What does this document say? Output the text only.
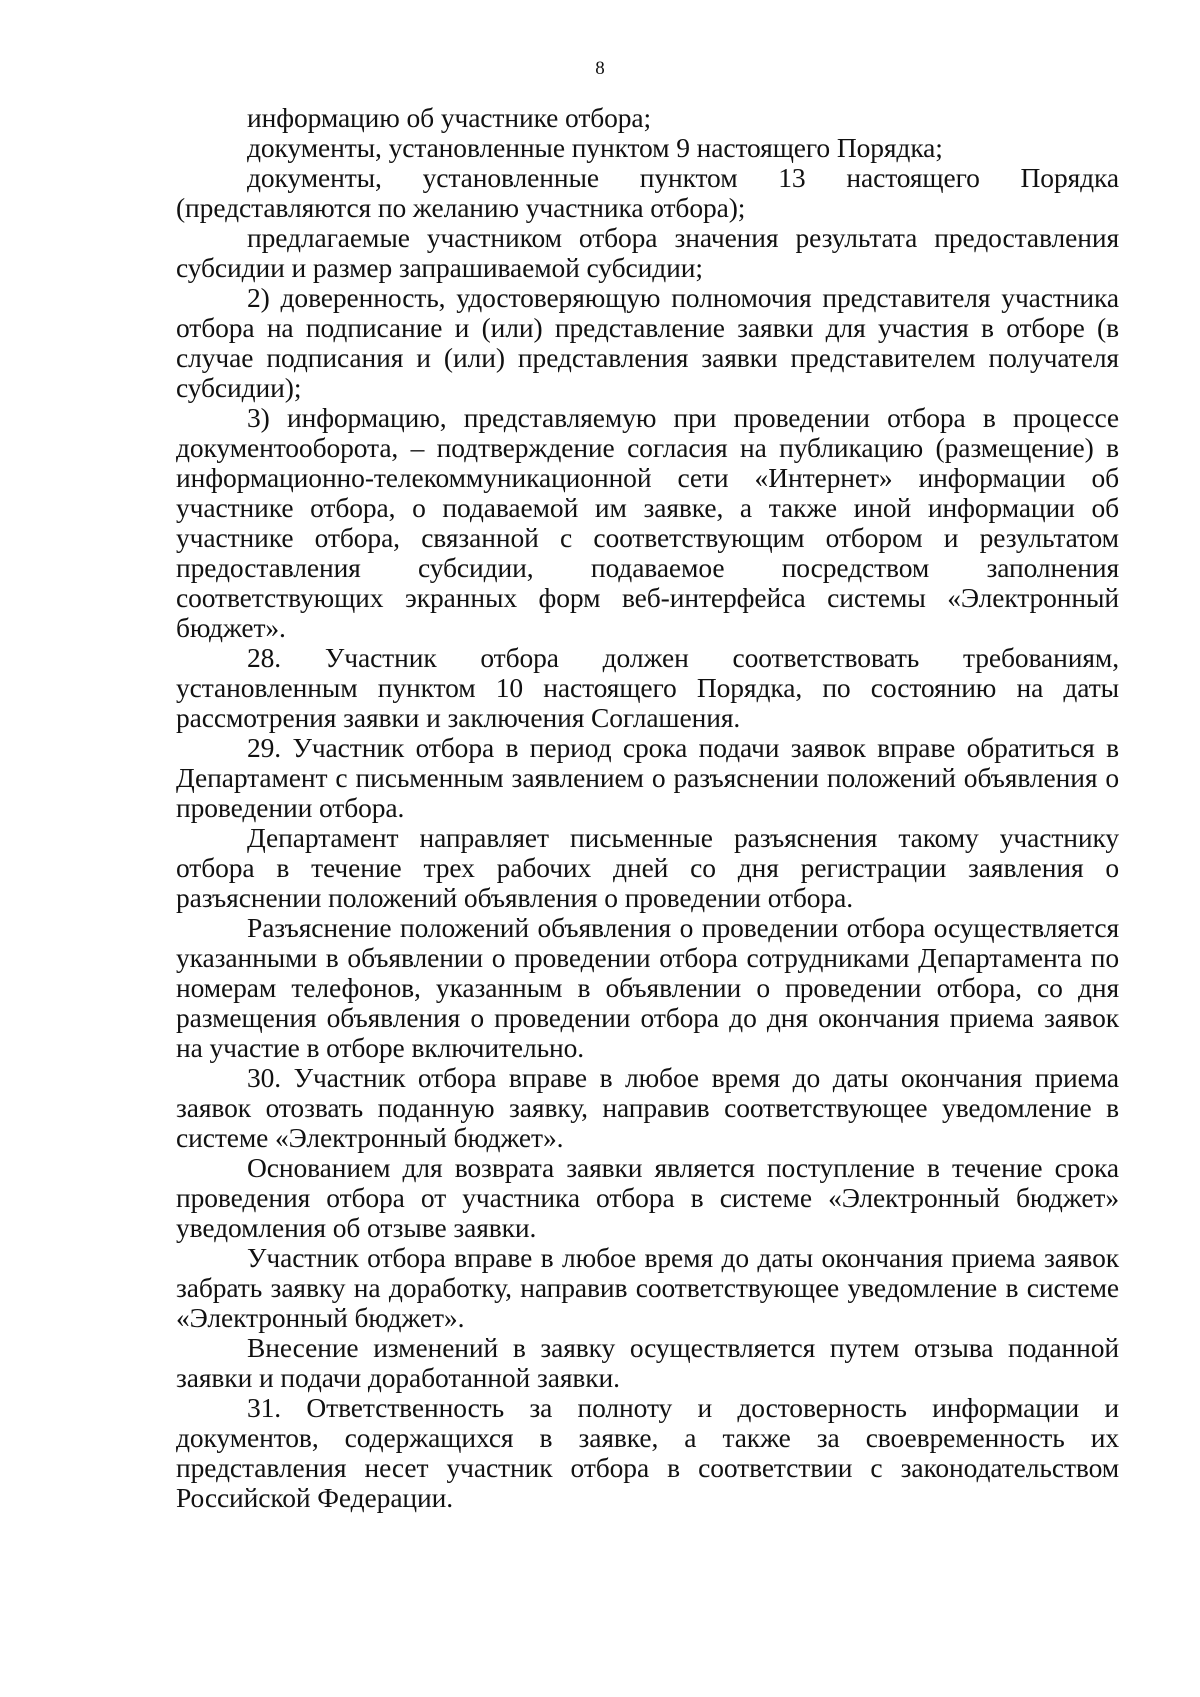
8

информацию об участнике отбора;

документы, установленные пунктом 9 настоящего Порядка;

документы, установленные пунктом 13 настоящего Порядка (представляются по желанию участника отбора);

предлагаемые участником отбора значения результата предоставления субсидии и размер запрашиваемой субсидии;

2) доверенность, удостоверяющую полномочия представителя участника отбора на подписание и (или) представление заявки для участия в отборе (в случае подписания и (или) представления заявки представителем получателя субсидии);

3) информацию, представляемую при проведении отбора в процессе документооборота, – подтверждение согласия на публикацию (размещение) в информационно-телекоммуникационной сети «Интернет» информации об участнике отбора, о подаваемой им заявке, а также иной информации об участнике отбора, связанной с соответствующим отбором и результатом предоставления субсидии, подаваемое посредством заполнения соответствующих экранных форм веб-интерфейса системы «Электронный бюджет».

28. Участник отбора должен соответствовать требованиям, установленным пунктом 10 настоящего Порядка, по состоянию на даты рассмотрения заявки и заключения Соглашения.

29. Участник отбора в период срока подачи заявок вправе обратиться в Департамент с письменным заявлением о разъяснении положений объявления о проведении отбора.

Департамент направляет письменные разъяснения такому участнику отбора в течение трех рабочих дней со дня регистрации заявления о разъяснении положений объявления о проведении отбора.

Разъяснение положений объявления о проведении отбора осуществляется указанными в объявлении о проведении отбора сотрудниками Департамента по номерам телефонов, указанным в объявлении о проведении отбора, со дня размещения объявления о проведении отбора до дня окончания приема заявок на участие в отборе включительно.

30. Участник отбора вправе в любое время до даты окончания приема заявок отозвать поданную заявку, направив соответствующее уведомление в системе «Электронный бюджет».

Основанием для возврата заявки является поступление в течение срока проведения отбора от участника отбора в системе «Электронный бюджет» уведомления об отзыве заявки.

Участник отбора вправе в любое время до даты окончания приема заявок забрать заявку на доработку, направив соответствующее уведомление в системе «Электронный бюджет».

Внесение изменений в заявку осуществляется путем отзыва поданной заявки и подачи доработанной заявки.

31. Ответственность за полноту и достоверность информации и документов, содержащихся в заявке, а также за своевременность их представления несет участник отбора в соответствии с законодательством Российской Федерации.
